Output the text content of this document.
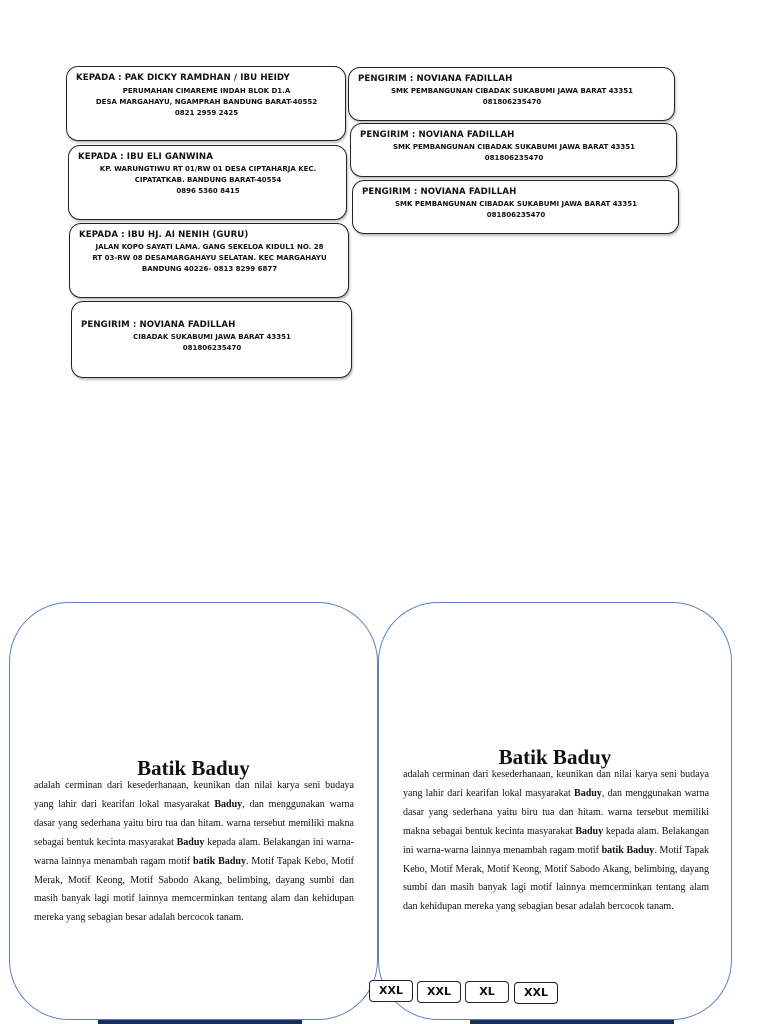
KEPADA : PAK DICKY RAMDHAN / IBU HEIDY
PERUMAHAN CIMAREME INDAH BLOK D1.A
DESA MARGAHAYU, NGAMPRAH BANDUNG BARAT-40552
0821 2959 2425
KEPADA : IBU ELI GANWINA
KP. WARUNGTIWU RT 01/RW 01 DESA CIPTAHARJA KEC.
CIPATATKAB. BANDUNG BARAT-40554
0896 5360 8415
KEPADA : IBU HJ. AI NENIH (GURU)
JALAN KOPO SAYATI LAMA. GANG SEKELOA KIDUL1 NO. 28
RT 03-RW 08 DESAMARGAHAYU SELATAN. KEC MARGAHAYU
BANDUNG 40226- 0813 8299 6877
PENGIRIM : NOVIANA FADILLAH
CIBADAK SUKABUMI JAWA BARAT 43351
081806235470
PENGIRIM : NOVIANA FADILLAH
SMK PEMBANGUNAN CIBADAK SUKABUMI JAWA BARAT 43351
081806235470
PENGIRIM : NOVIANA FADILLAH
SMK PEMBANGUNAN CIBADAK SUKABUMI JAWA BARAT 43351
081806235470
PENGIRIM : NOVIANA FADILLAH
SMK PEMBANGUNAN CIBADAK SUKABUMI JAWA BARAT 43351
081806235470
Batik Baduy
adalah cerminan dari kesederhanaan, keunikan dan nilai karya seni budaya yang lahir dari kearifan lokal masyarakat Baduy, dan menggunakan warna dasar yang sederhana yaitu biru tua dan hitam. warna tersebut memiliki makna sebagai bentuk kecinta masyarakat Baduy kepada alam. Belakangan ini warna-warna lainnya menambah ragam motif batik Baduy. Motif Tapak Kebo, Motif Merak, Motif Keong, Motif Sabodo Akang, belimbing, dayang sumbi dan masih banyak lagi motif lainnya memcerminkan tentang alam dan kehidupan mereka yang sebagian besar adalah bercocok tanam.
Batik Baduy
adalah cerminan dari kesederhanaan, keunikan dan nilai karya seni budaya yang lahir dari kearifan lokal masyarakat Baduy, dan menggunakan warna dasar yang sederhana yaitu biru tua dan hitam. warna tersebut memiliki makna sebagai bentuk kecinta masyarakat Baduy kepada alam. Belakangan ini warna-warna lainnya menambah ragam motif batik Baduy. Motif Tapak Kebo, Motif Merak, Motif Keong, Motif Sabodo Akang, belimbing, dayang sumbi dan masih banyak lagi motif lainnya memcerminkan tentang alam dan kehidupan mereka yang sebagian besar adalah bercocok tanam.
XXL	XXL	XL	XXL
